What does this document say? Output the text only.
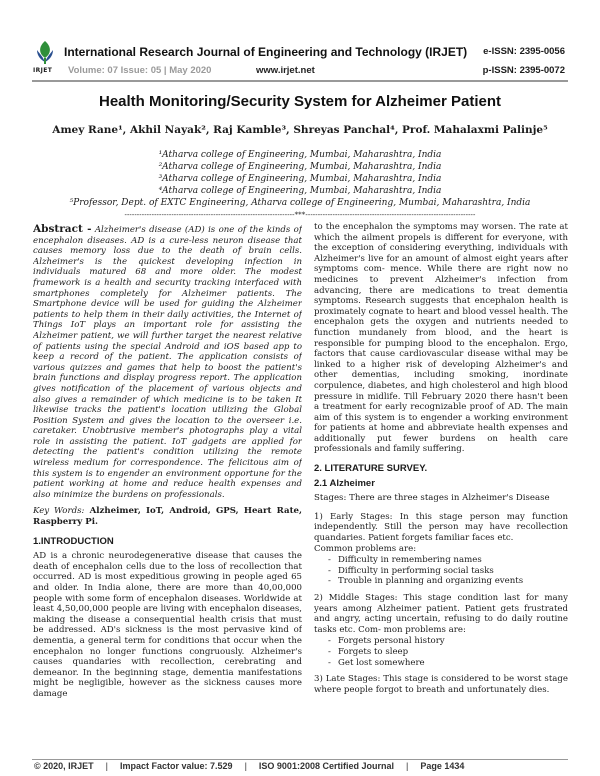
IRJET
International Research Journal of Engineering and Technology (IRJET)
Volume: 07 Issue: 05 | May 2020	www.irjet.net
e-ISSN: 2395-0056
p-ISSN: 2395-0072
Health Monitoring/Security System for Alzheimer Patient
Amey Rane¹, Akhil Nayak², Raj Kamble³, Shreyas Panchal⁴, Prof. Mahalaxmi Palinje⁵
¹Atharva college of Engineering, Mumbai, Maharashtra, India
²Atharva college of Engineering, Mumbai, Maharashtra, India
³Atharva college of Engineering, Mumbai, Maharashtra, India
⁴Atharva college of Engineering, Mumbai, Maharashtra, India
⁵Professor, Dept. of EXTC Engineering, Atharva college of Engineering, Mumbai, Maharashtra, India
---------------------------------------------------------------------***---------------------------------------------------------------------

Abstract - Alzheimer's disease (AD) is one of the kinds of encephalon diseases. AD is a cure-less neuron disease that causes memory loss due to the death of brain cells. Alzheimer's is the quickest developing infection in individuals matured 68 and more older. The modest framework is a health and security tracking interfaced with smartphones completely for Alzheimer patients. The Smartphone device will be used for guiding the Alzheimer patients to help them in their daily activities, the Internet of Things IoT plays an important role for assisting the Alzheimer patient, we will further target the nearest relative of patients using the special Android and iOS based app to keep a record of the patient. The application consists of various quizzes and games that help to boost the patient's brain functions and display progress report. The application gives notification of the placement of various objects and also gives a remainder of which medicine is to be taken It likewise tracks the patient's location utilizing the Global Position System and gives the location to the overseer i.e. caretaker. Unobtrusive member's photographs play a vital role in assisting the patient. IoT gadgets are applied for detecting the patient's condition utilizing the remote wireless medium for correspondence. The felicitous aim of this system is to engender an environment opportune for the patient working at home and reduce health expenses and also minimize the burdens on professionals.

Key Words: Alzheimer, IoT, Android, GPS, Heart Rate, Raspberry Pi.

1.INTRODUCTION

AD is a chronic neurodegenerative disease that causes the death of encephalon cells due to the loss of recollection that occurred. AD is most expeditious growing in people aged 65 and older. In India alone, there are more than 40,00,000 people with some form of encephalon diseases. Worldwide at least 4,50,00,000 people are living with encephalon diseases, making the disease a consequential health crisis that must be addressed. AD's sickness is the most pervasive kind of dementia, a general term for conditions that occur when the encephalon no longer functions congruously. Alzheimer's causes quandaries with recollection, cerebrating and demeanor. In the beginning stage, dementia manifestations might be negligible, however as the sickness causes more damage

to the encephalon the symptoms may worsen. The rate at which the ailment propels is different for everyone, with the exception of considering everything, individuals with Alzheimer's live for an amount of almost eight years after symptoms com- mence. While there are right now no medicines to prevent Alzheimer's infection from advancing, there are medications to treat dementia symptoms. Research suggests that encephalon health is proximately cognate to heart and blood vessel health. The encephalon gets the oxygen and nutrients needed to function mundanely from blood, and the heart is responsible for pumping blood to the encephalon. Ergo, factors that cause cardiovascular disease withal may be linked to a higher risk of developing Alzheimer's and other dementias, including smoking, inordinate corpulence, diabetes, and high cholesterol and high blood pressure in midlife. Till February 2020 there hasn't been a treatment for early recognizable proof of AD. The main aim of this system is to engender a working environment for patients at home and abbreviate health expenses and additionally put fewer burdens on health care professionals and family suffering.

2. LITERATURE SURVEY.
2.1 Alzheimer

Stages: There are three stages in Alzheimer's Disease

1) Early Stages: In this stage person may function independently. Still the person may have recollection quandaries. Patient forgets familiar faces etc.

Common problems are:

- Difficulty in remembering names
- Difficulty in performing social tasks
- Trouble in planning and organizing events

2) Middle Stages: This stage condition last for many years among Alzheimer patient. Patient gets frustrated and angry, acting uncertain, refusing to do daily routine tasks etc. Com- mon problems are:

- Forgets personal history
- Forgets to sleep
- Get lost somewhere

3) Late Stages: This stage is considered to be worst stage where people forgot to breath and unfortunately dies.

© 2020, IRJET | Impact Factor value: 7.529 | ISO 9001:2008 Certified Journal | Page 1434
